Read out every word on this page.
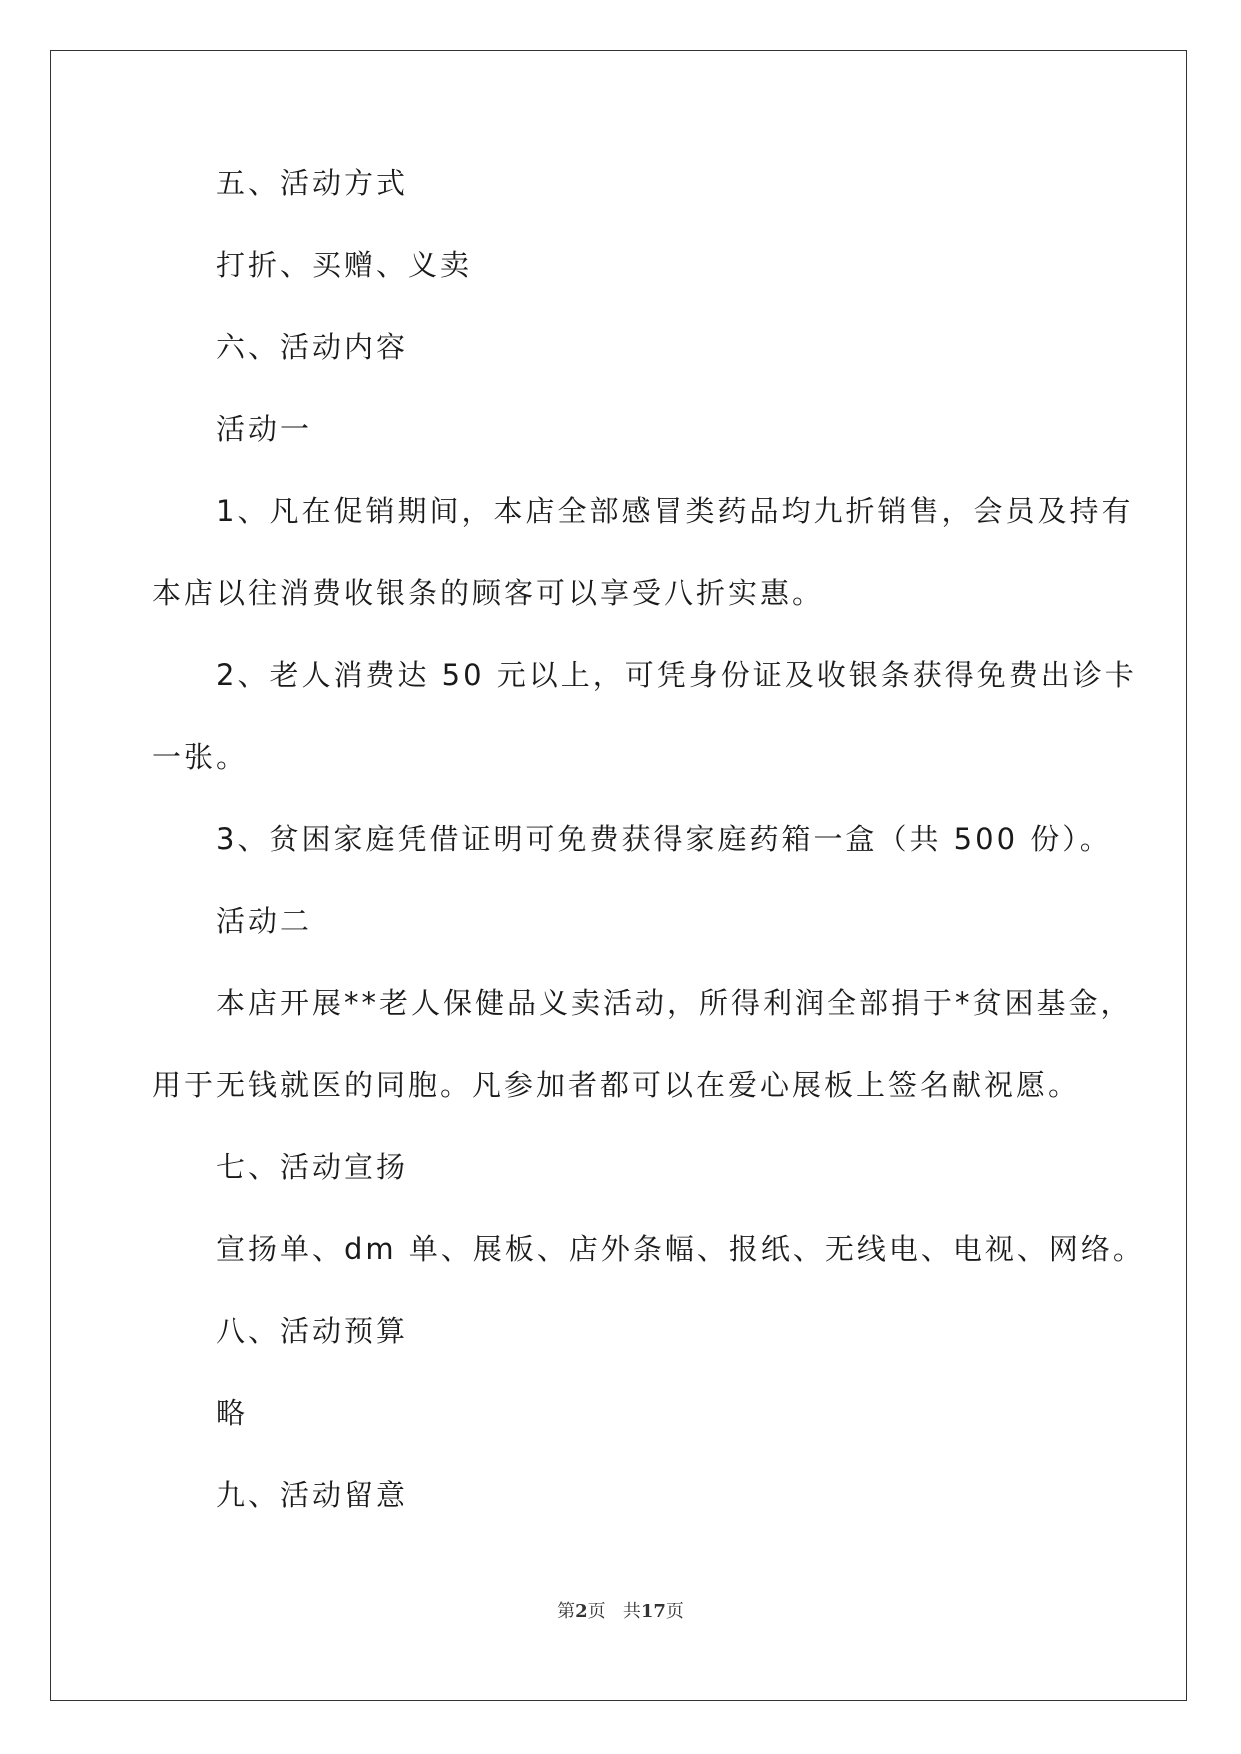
五、活动方式
打折、买赠、义卖
六、活动内容
活动一
1、凡在促销期间，本店全部感冒类药品均九折销售，会员及持有
本店以往消费收银条的顾客可以享受八折实惠。
2、老人消费达 50 元以上，可凭身份证及收银条获得免费出诊卡
一张。
3、贫困家庭凭借证明可免费获得家庭药箱一盒（共 500 份）。
活动二
本店开展**老人保健品义卖活动，所得利润全部捐于*贫困基金，
用于无钱就医的同胞。凡参加者都可以在爱心展板上签名献祝愿。
七、活动宣扬
宣扬单、dm 单、展板、店外条幅、报纸、无线电、电视、网络。
八、活动预算
略
九、活动留意
第2页 共17页
